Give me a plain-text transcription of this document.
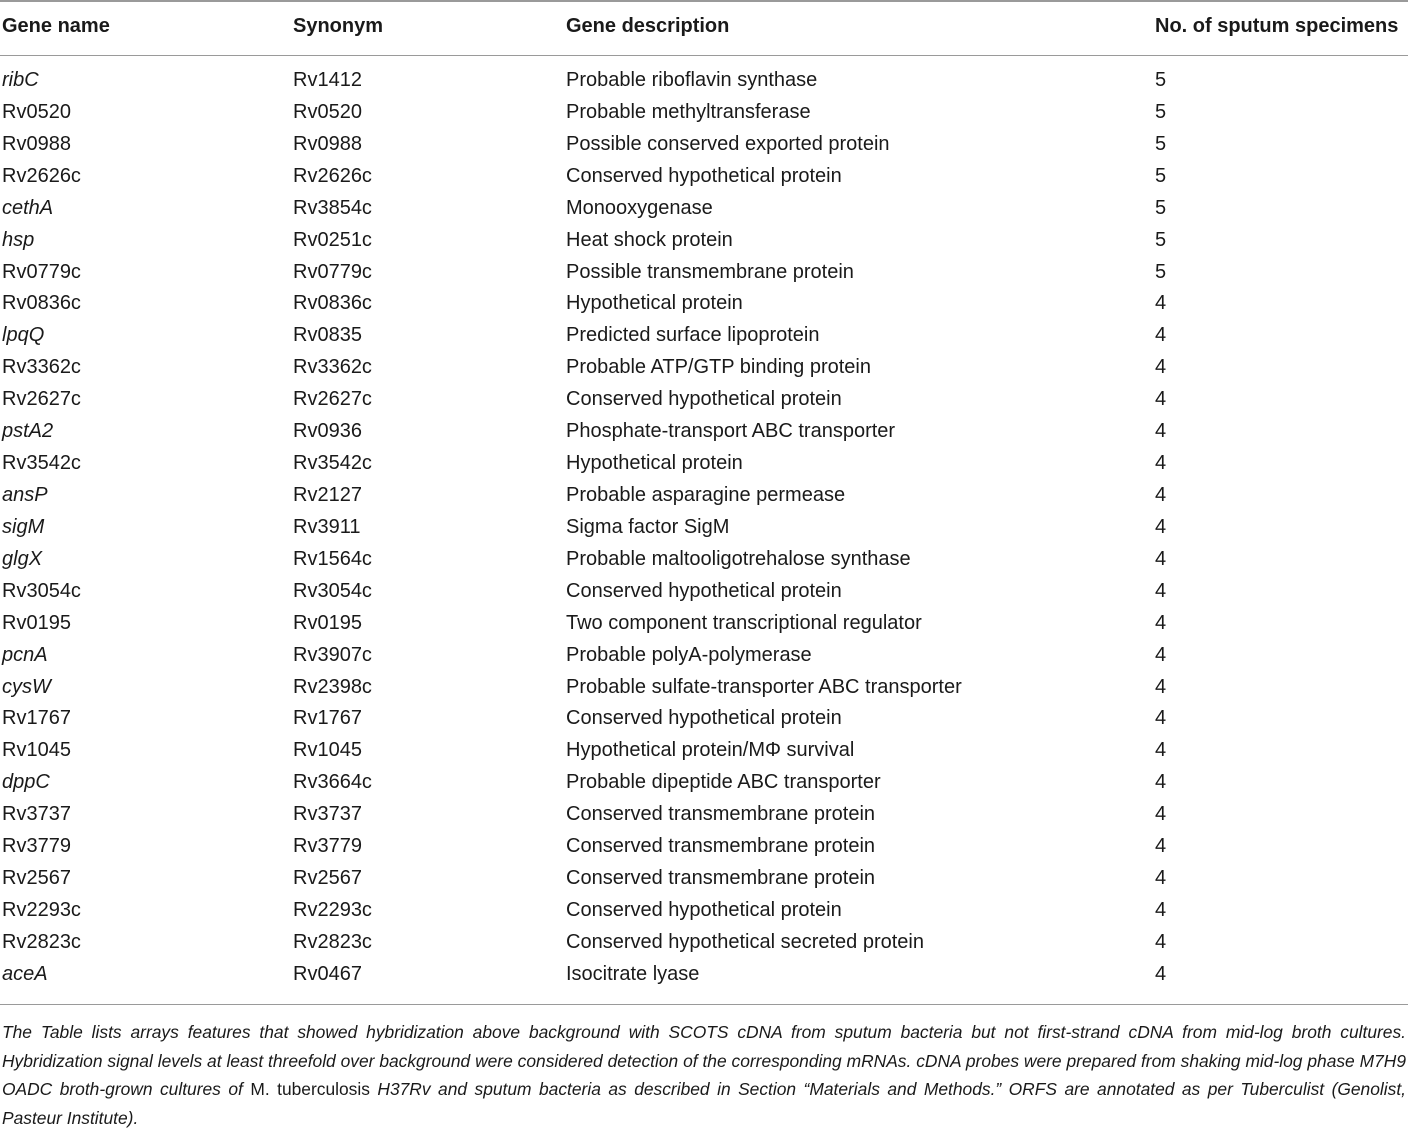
Gene name	Synonym	Gene description	No. of sputum specimens
ribC	Rv1412	Probable riboflavin synthase	5
Rv0520	Rv0520	Probable methyltransferase	5
Rv0988	Rv0988	Possible conserved exported protein	5
Rv2626c	Rv2626c	Conserved hypothetical protein	5
cethA	Rv3854c	Monooxygenase	5
hsp	Rv0251c	Heat shock protein	5
Rv0779c	Rv0779c	Possible transmembrane protein	5
Rv0836c	Rv0836c	Hypothetical protein	4
lpqQ	Rv0835	Predicted surface lipoprotein	4
Rv3362c	Rv3362c	Probable ATP/GTP binding protein	4
Rv2627c	Rv2627c	Conserved hypothetical protein	4
pstA2	Rv0936	Phosphate-transport ABC transporter	4
Rv3542c	Rv3542c	Hypothetical protein	4
ansP	Rv2127	Probable asparagine permease	4
sigM	Rv3911	Sigma factor SigM	4
glgX	Rv1564c	Probable maltooligotrehalose synthase	4
Rv3054c	Rv3054c	Conserved hypothetical protein	4
Rv0195	Rv0195	Two component transcriptional regulator	4
pcnA	Rv3907c	Probable polyA-polymerase	4
cysW	Rv2398c	Probable sulfate-transporter ABC transporter	4
Rv1767	Rv1767	Conserved hypothetical protein	4
Rv1045	Rv1045	Hypothetical protein/MΦ survival	4
dppC	Rv3664c	Probable dipeptide ABC transporter	4
Rv3737	Rv3737	Conserved transmembrane protein	4
Rv3779	Rv3779	Conserved transmembrane protein	4
Rv2567	Rv2567	Conserved transmembrane protein	4
Rv2293c	Rv2293c	Conserved hypothetical protein	4
Rv2823c	Rv2823c	Conserved hypothetical secreted protein	4
aceA	Rv0467	Isocitrate lyase	4
The Table lists arrays features that showed hybridization above background with SCOTS cDNA from sputum bacteria but not first-strand cDNA from mid-log broth cultures. Hybridization signal levels at least threefold over background were considered detection of the corresponding mRNAs. cDNA probes were prepared from shaking mid-log phase M7H9 OADC broth-grown cultures of M. tuberculosis H37Rv and sputum bacteria as described in Section “Materials and Methods.” ORFS are annotated as per Tuberculist (Genolist, Pasteur Institute).
